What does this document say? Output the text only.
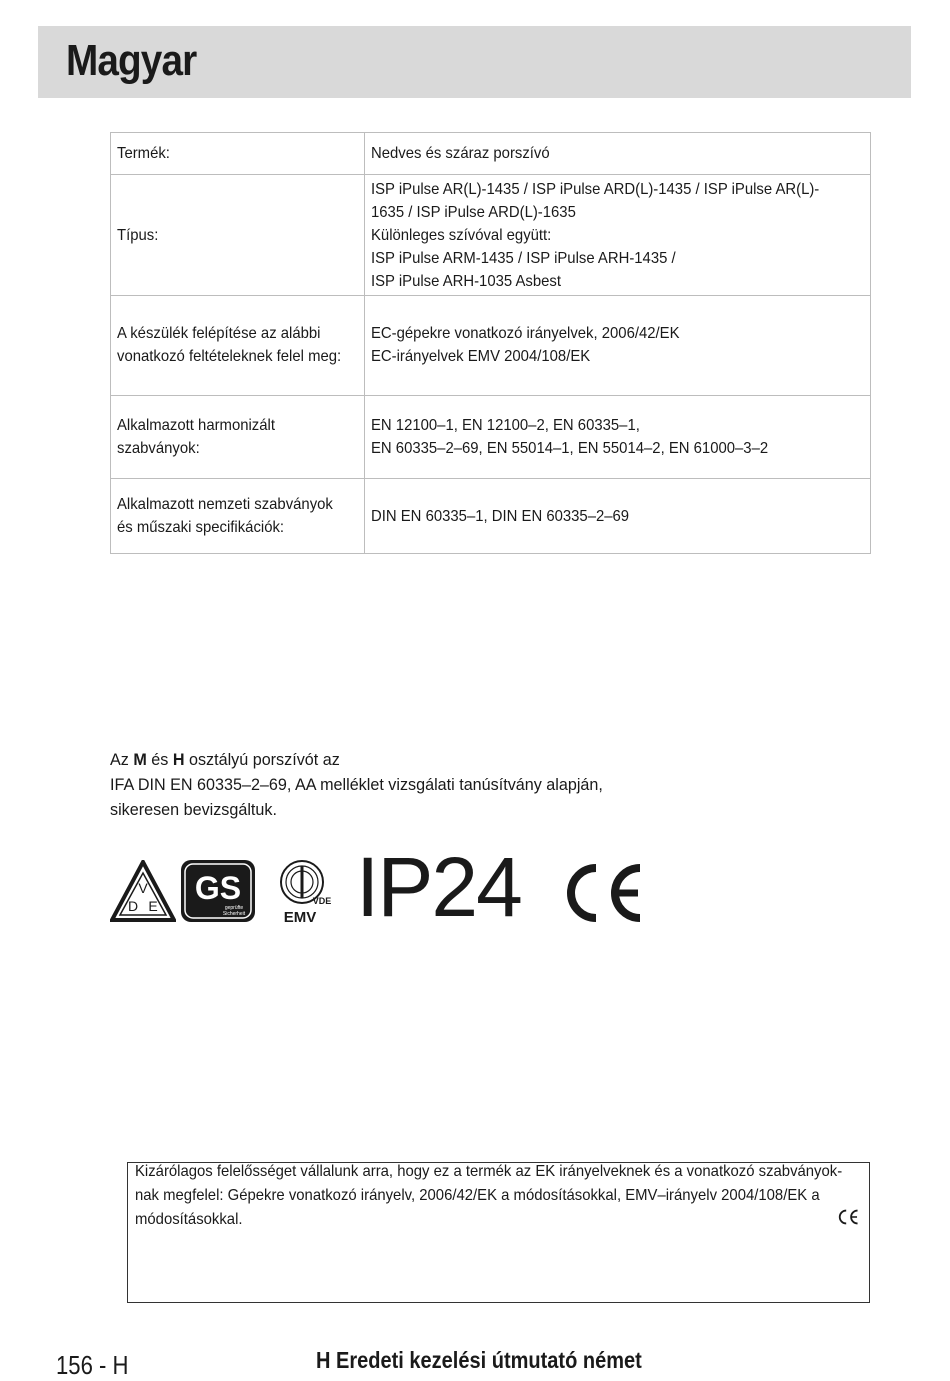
Magyar
Termék:	Nedves és száraz porszívó

Típus:	ISP iPulse AR(L)-1435 / ISP iPulse ARD(L)-1435 / ISP iPulse AR(L)-
1635 / ISP iPulse ARD(L)-1635
Különleges szívóval együtt:
ISP iPulse ARM-1435 / ISP iPulse ARH-1435 /
ISP iPulse ARH-1035 Asbest

A készülék felépítése az alábbi
vonatkozó feltételeknek felel meg:	EC-gépekre vonatkozó irányelvek, 2006/42/EK
EC-irányelvek EMV 2004/108/EK

Alkalmazott harmonizált
szabványok:	EN 12100–1, EN 12100–2, EN 60335–1,
EN 60335–2–69, EN 55014–1, EN 55014–2, EN 61000–3–2

Alkalmazott nemzeti szabványok
és műszaki specifikációk:	DIN EN 60335–1, DIN EN 60335–2–69
Az M és H osztályú porszívót az
IFA DIN EN 60335–2–69, AA melléklet vizsgálati tanúsítvány alapján,
sikeresen bevizsgáltuk.
V
D E GS
geprüfte
Sicherheit
VDE
EMV IP24
Kizárólagos felelősséget vállalunk arra, hogy ez a termék az EK irányelveknek és a vonatkozó szabványok-
nak megfelel: Gépekre vonatkozó irányelv, 2006/42/EK a módosításokkal, EMV–irányelv 2004/108/EK a
módosításokkal.
156 - H	H Eredeti kezelési útmutató német
